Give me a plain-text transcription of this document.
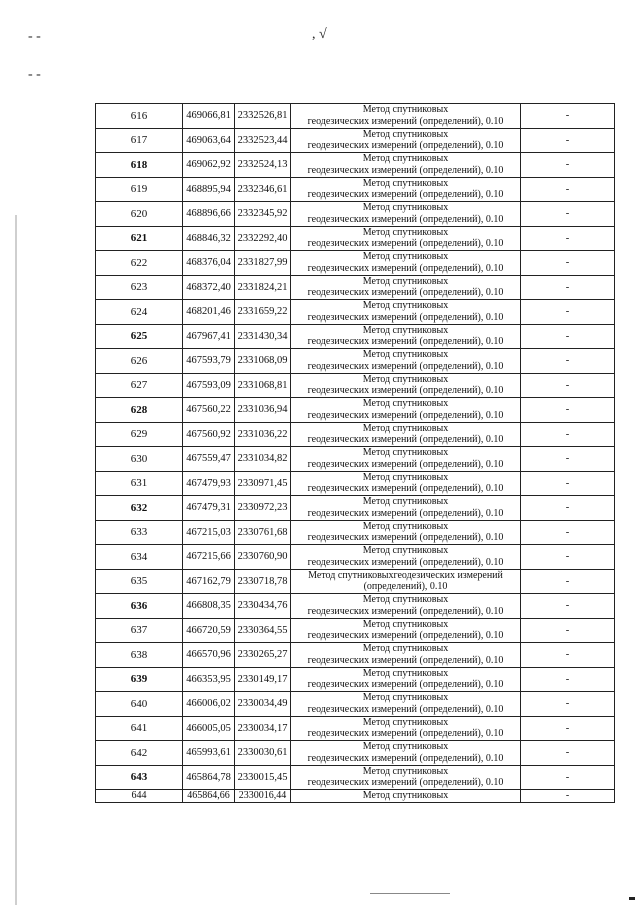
- -
- -
, √
616	469066,81	2332526,81	Метод спутниковых
геодезических измерений (определений), 0.10	-
617	469063,64	2332523,44	Метод спутниковых
геодезических измерений (определений), 0.10	-
618	469062,92	2332524,13	Метод спутниковых
геодезических измерений (определений), 0.10	-
619	468895,94	2332346,61	Метод спутниковых
геодезических измерений (определений), 0.10	-
620	468896,66	2332345,92	Метод спутниковых
геодезических измерений (определений), 0.10	-
621	468846,32	2332292,40	Метод спутниковых
геодезических измерений (определений), 0.10	-
622	468376,04	2331827,99	Метод спутниковых
геодезических измерений (определений), 0.10	-
623	468372,40	2331824,21	Метод спутниковых
геодезических измерений (определений), 0.10	-
624	468201,46	2331659,22	Метод спутниковых
геодезических измерений (определений), 0.10	-
625	467967,41	2331430,34	Метод спутниковых
геодезических измерений (определений), 0.10	-
626	467593,79	2331068,09	Метод спутниковых
геодезических измерений (определений), 0.10	-
627	467593,09	2331068,81	Метод спутниковых
геодезических измерений (определений), 0.10	-
628	467560,22	2331036,94	Метод спутниковых
геодезических измерений (определений), 0.10	-
629	467560,92	2331036,22	Метод спутниковых
геодезических измерений (определений), 0.10	-
630	467559,47	2331034,82	Метод спутниковых
геодезических измерений (определений), 0.10	-
631	467479,93	2330971,45	Метод спутниковых
геодезических измерений (определений), 0.10	-
632	467479,31	2330972,23	Метод спутниковых
геодезических измерений (определений), 0.10	-
633	467215,03	2330761,68	Метод спутниковых
геодезических измерений (определений), 0.10	-
634	467215,66	2330760,90	Метод спутниковых
геодезических измерений (определений), 0.10	-
635	467162,79	2330718,78	Метод спутниковыхгеодезических измерений
(определений), 0.10	-
636	466808,35	2330434,76	Метод спутниковых
геодезических измерений (определений), 0.10	-
637	466720,59	2330364,55	Метод спутниковых
геодезических измерений (определений), 0.10	-
638	466570,96	2330265,27	Метод спутниковых
геодезических измерений (определений), 0.10	-
639	466353,95	2330149,17	Метод спутниковых
геодезических измерений (определений), 0.10	-
640	466006,02	2330034,49	Метод спутниковых
геодезических измерений (определений), 0.10	-
641	466005,05	2330034,17	Метод спутниковых
геодезических измерений (определений), 0.10	-
642	465993,61	2330030,61	Метод спутниковых
геодезических измерений (определений), 0.10	-
643	465864,78	2330015,45	Метод спутниковых
геодезических измерений (определений), 0.10	-
644	465864,66	2330016,44	Метод спутниковых	-
